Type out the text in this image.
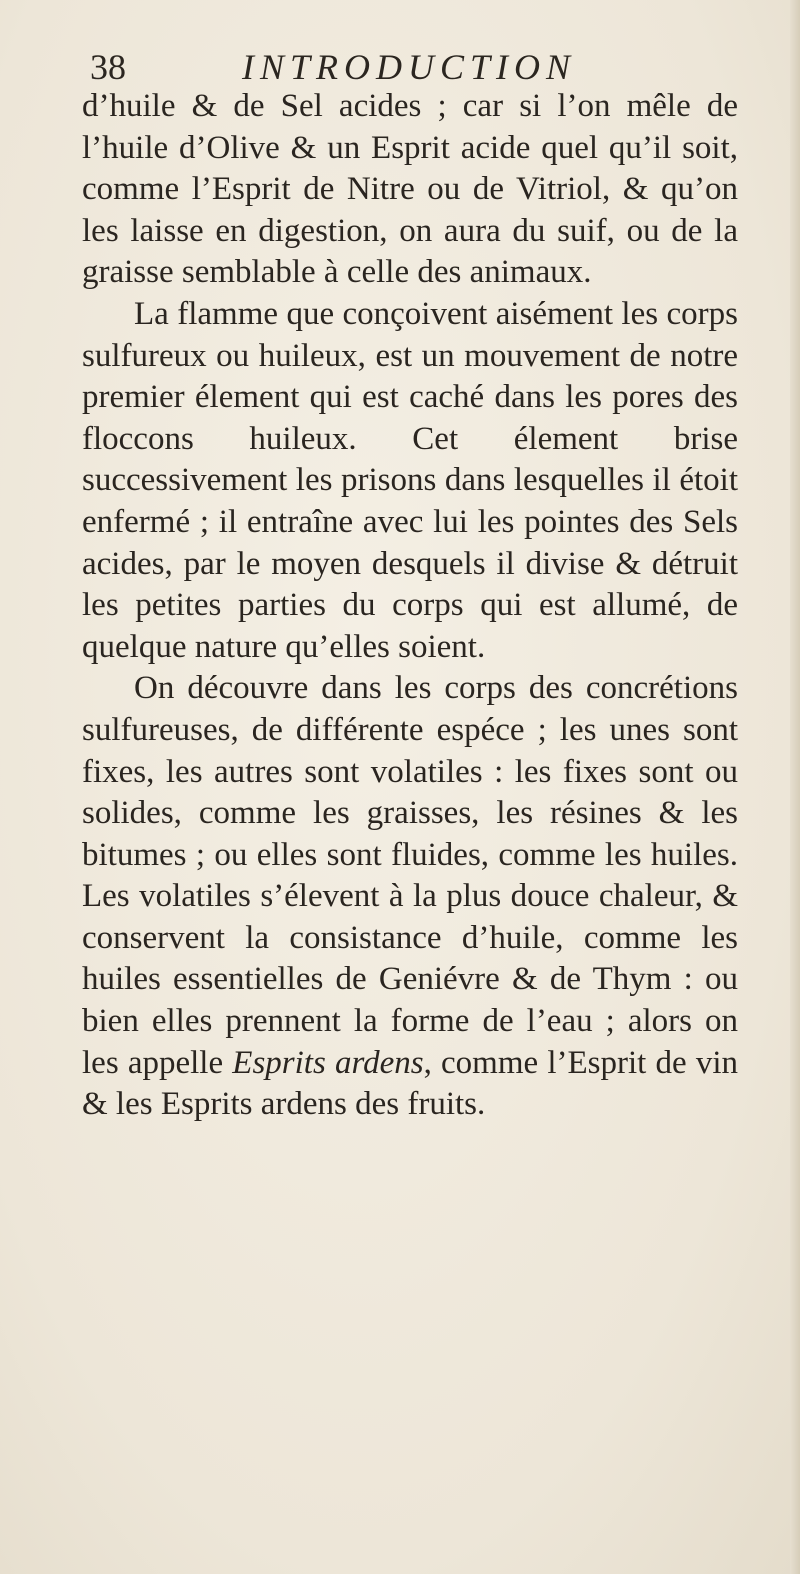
38	INTRODUCTION

d’huile & de Sel acides ; car si l’on mêle de l’huile d’Olive & un Esprit acide quel qu’il soit, comme l’Esprit de Nitre ou de Vitriol, & qu’on les laisse en digestion, on aura du suif, ou de la graisse semblable à celle des animaux.

La flamme que conçoivent aisément les corps sulfureux ou huileux, est un mouvement de notre premier élement qui est caché dans les pores des floccons huileux. Cet élement brise successivement les prisons dans lesquelles il étoit enfermé ; il entraîne avec lui les pointes des Sels acides, par le moyen desquels il divise & détruit les petites parties du corps qui est allumé, de quelque nature qu’elles soient.

On découvre dans les corps des concrétions sulfureuses, de différente espéce ; les unes sont fixes, les autres sont volatiles : les fixes sont ou solides, comme les graisses, les résines & les bitumes ; ou elles sont fluides, comme les huiles. Les volatiles s’élevent à la plus douce chaleur, & conservent la consistance d’huile, comme les huiles essentielles de Geniévre & de Thym : ou bien elles prennent la forme de l’eau ; alors on les appelle Esprits ardens, comme l’Esprit de vin & les Esprits ardens des fruits.
